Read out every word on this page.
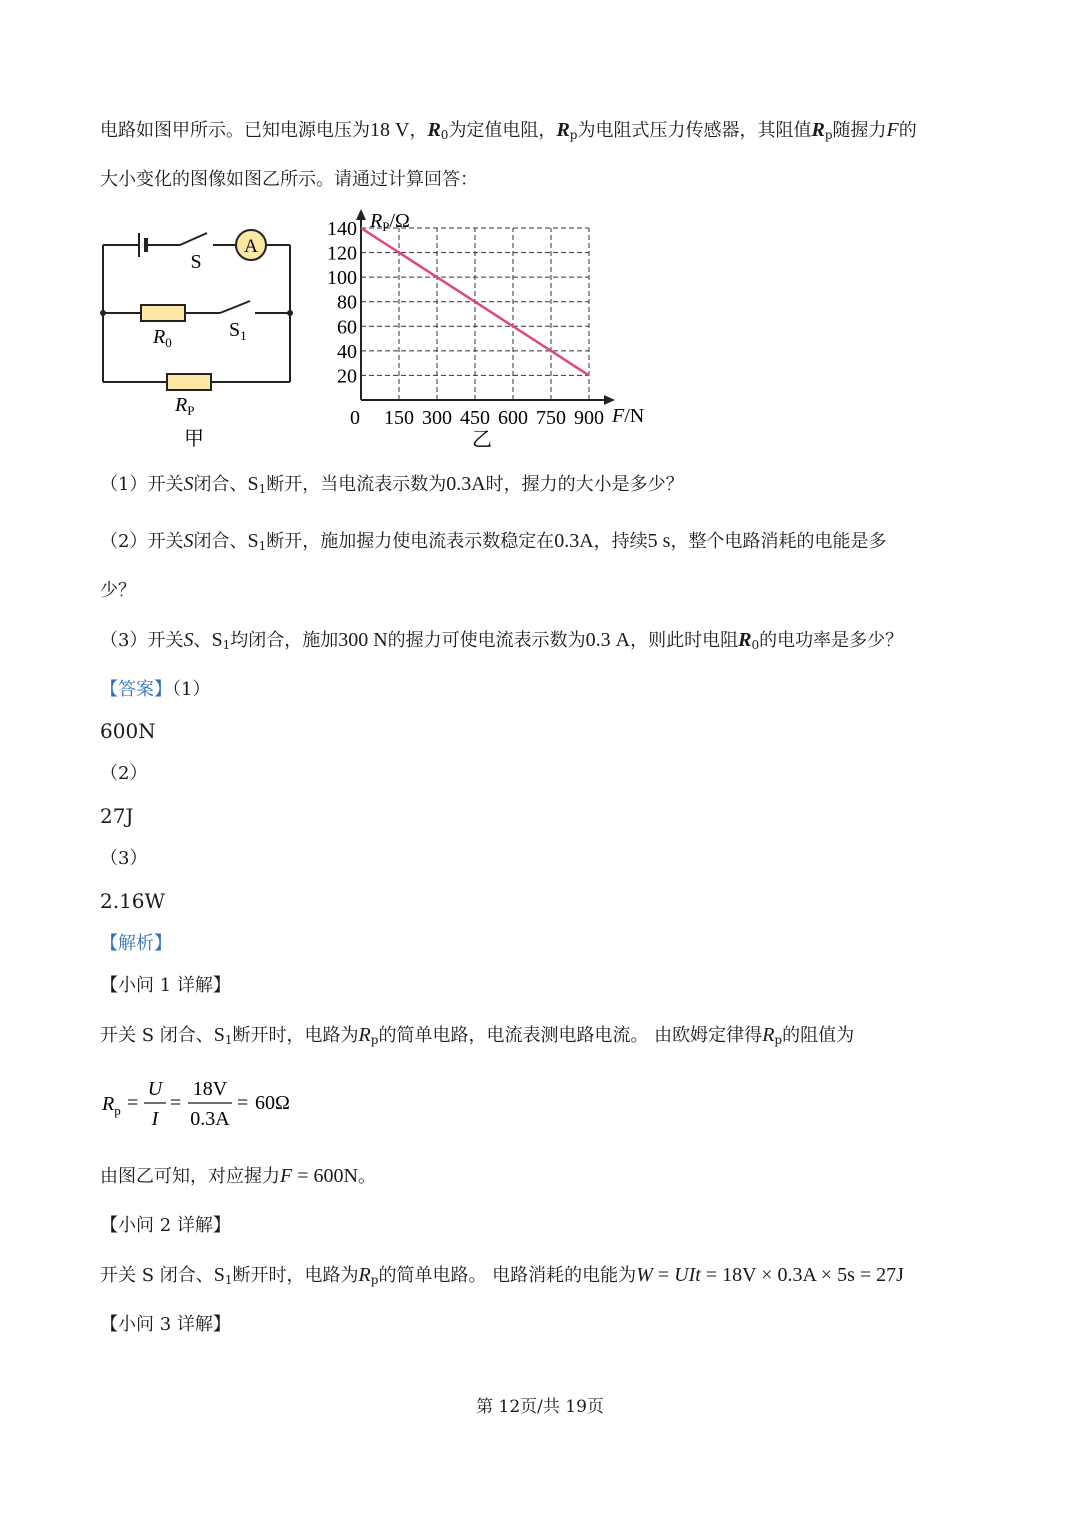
电路如图甲所示。已知电源电压为18 V，$R_0$为定值电阻，$R_p$为电阻式压力传感器，其阻值$R_p$随握力F的
大小变化的图像如图乙所示。请通过计算回答：
S
A
$R_0$
$S_1$
$R_P$
甲
20
40
60
80
100
120
140
0 150 300 450 600 750 900
$R_P/\Omega$
F/N
乙
（1）开关S闭合、$S_1$断开，当电流表示数为0.3A时，握力的大小是多少？
（2）开关S闭合、$S_1$断开，施加握力使电流表示数稳定在0.3A，持续5 s，整个电路消耗的电能是多
少？
（3）开关S、$S_1$均闭合，施加300 N的握力可使电流表示数为0.3 A，则此时电阻$R_0$的电功率是多少？
【答案】（1）
600N
（2）
27J
（3）
2.16W
【解析】
【小问 1 详解】
开关 S 闭合、$S_1$断开时，电路为$R_p$的简单电路，电流表测电路电流。 由欧姆定律得$R_p$的阻值为
$R_p$ =
U
I
=
18V
0.3A
= 60Ω
由图乙可知，对应握力F = 600N。
【小问 2 详解】
开关 S 闭合、$S_1$断开时，电路为$R_p$的简单电路。 电路消耗的电能为W = UIt = 18V × 0.3A × 5s = 27J
【小问 3 详解】
第 12页/共 19页
